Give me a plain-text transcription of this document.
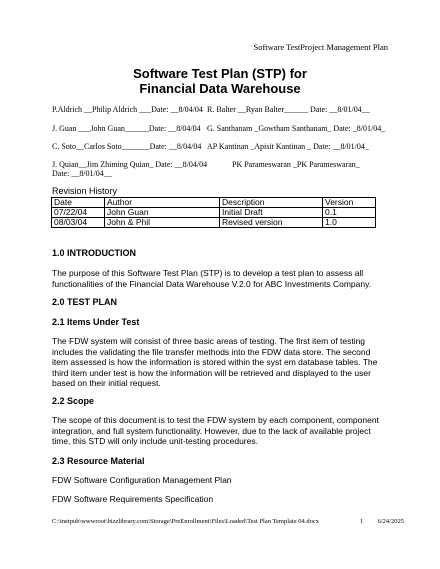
Software TestProject Management Plan
Software Test Plan (STP) for
Financial Data Warehouse
P.Aldrich __Philip Aldrich ___Date: __8/04/04 R. Balter __Ryan Balter______ Date: __8/01/04__
J. Guan ___John Guan______Date: __8/04/04 G. Santhanam _Gowtham Santhanam_ Date: _8/01/04_
C. Soto__Carlos Soto_______Date: __8/04/04 AP Kantinan _Apisit Kantinan _ Date: __8/01/04_
J. Quian__Jim Zhiming Quian_ Date: __8/04/04	PK Parameswaran _PK Parameswaran_
Date: __8/01/04__
Revision History
Date	Author	Description	Version
07/22/04	John Guan	Initial Draft	0.1
08/03/04	John & Phil	Revised version	1.0
1.0 INTRODUCTION
The purpose of this Software Test Plan (STP) is to develop a test plan to assess all functionalities of the Financial Data Warehouse V.2.0 for ABC Investments Company.
2.0 TEST PLAN
2.1 Items Under Test
The FDW system will consist of three basic areas of testing. The first item of testing includes the validating the file transfer methods into the FDW data store. The second item assessed is how the information is stored within the syst em database tables. The third item under test is how the information will be retrieved and displayed to the user based on their initial request.
2.2 Scope
The scope of this document is to test the FDW system by each component, component integration, and full system functionality. However, due to the lack of available project time, this STD will only include unit-testing procedures.
2.3 Resource Material
FDW Software Configuration Management Plan
FDW Software Requirements Specification
C:\inetpub\wwwroot\bizzlibrary.com\Storage\PreEnrollment\Files\Loaded\Test Plan Template 04.docx	1 6/24/2025
